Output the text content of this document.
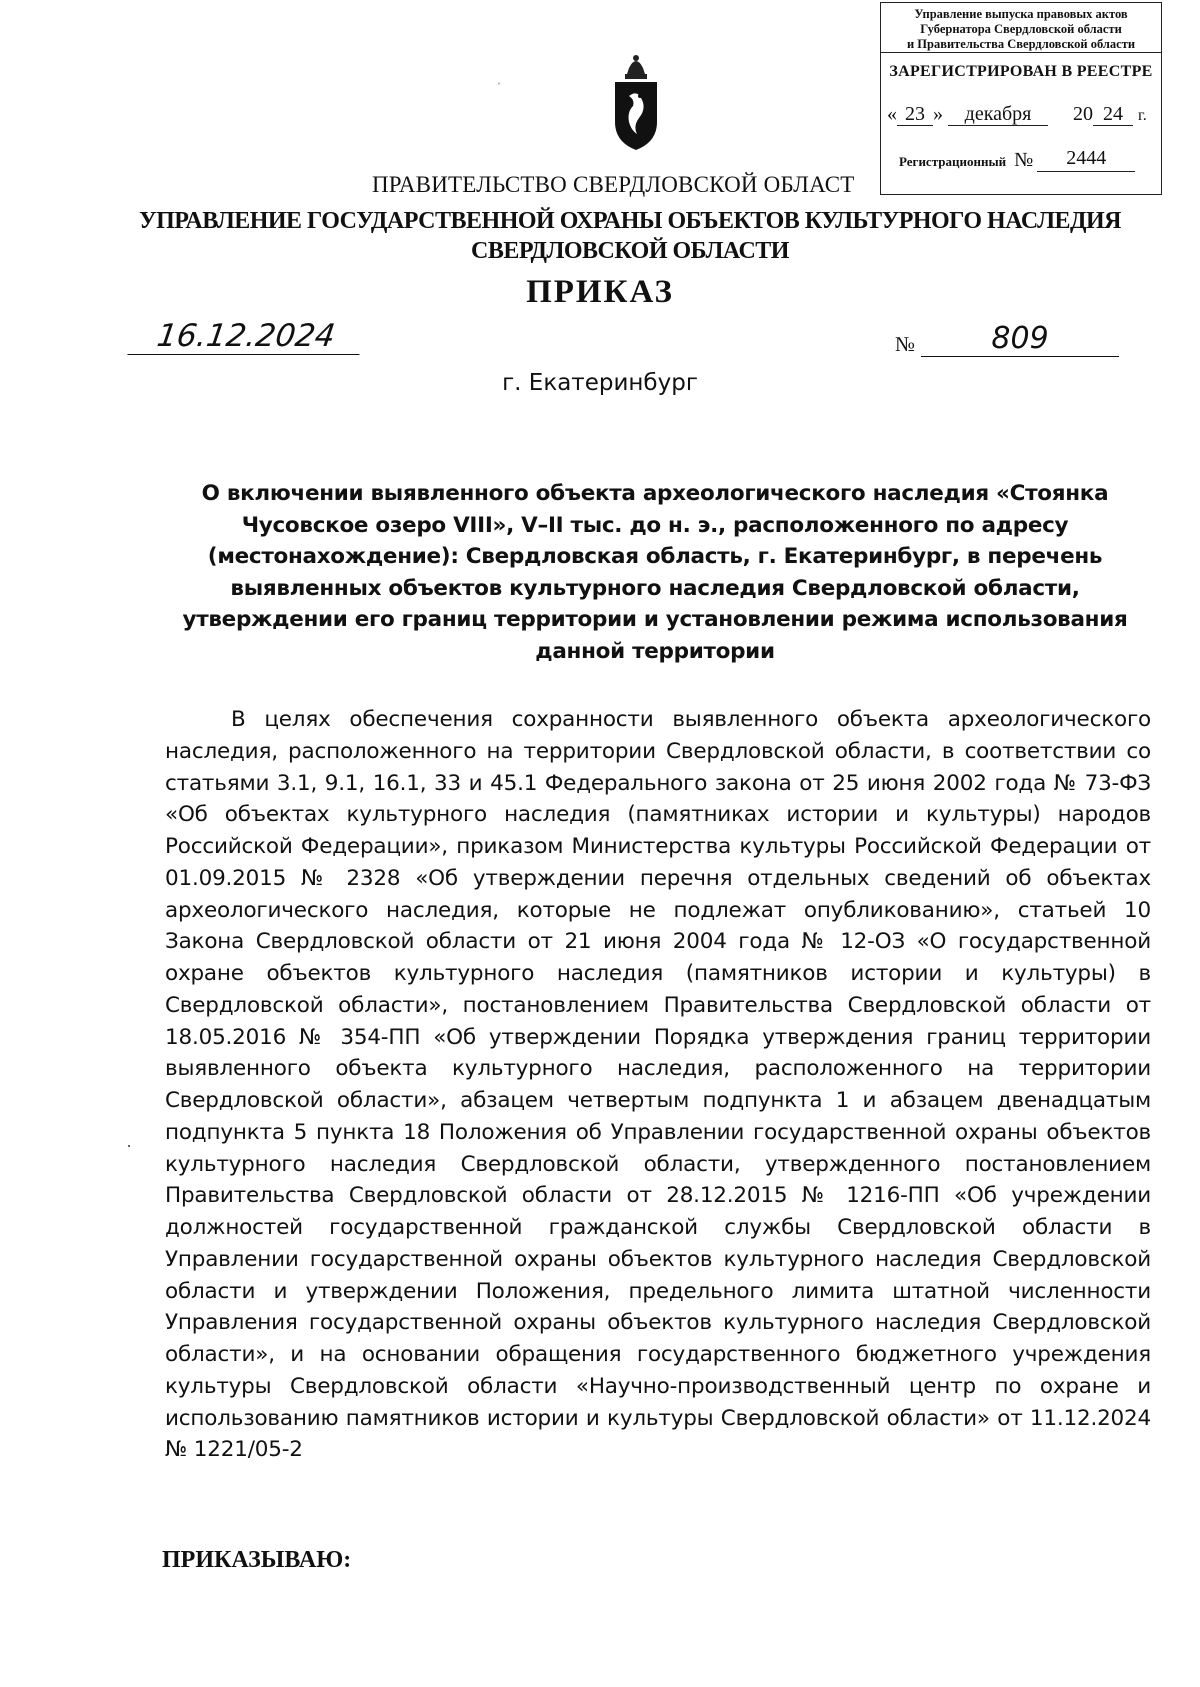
Управление выпуска правовых актов
Губернатора Свердловской области
и Правительства Свердловской области
ЗАРЕГИСТРИРОВАН В РЕЕСТРЕ
« 23 » декабря 20 24 г.
Регистрационный № 2444
ˈ
ПРАВИТЕЛЬСТВО СВЕРДЛОВСКОЙ ОБЛАСТ
УПРАВЛЕНИЕ ГОСУДАРСТВЕННОЙ ОХРАНЫ ОБЪЕКТОВ КУЛЬТУРНОГО НАСЛЕДИЯ СВЕРДЛОВСКОЙ ОБЛАСТИ
ПРИКАЗ
16.12.2024	№	809
г. Екатеринбург
О включении выявленного объекта археологического наследия «Стоянка Чусовское озеро VIII», V–II тыс. до н. э., расположенного по адресу (местонахождение): Свердловская область, г. Екатеринбург, в перечень выявленных объектов культурного наследия Свердловской области, утверждении его границ территории и установлении режима использования данной территории

В целях обеспечения сохранности выявленного объекта археологического наследия, расположенного на территории Свердловской области, в соответствии со статьями 3.1, 9.1, 16.1, 33 и 45.1 Федерального закона от 25 июня 2002 года № 73-ФЗ «Об объектах культурного наследия (памятниках истории и культуры) народов Российской Федерации», приказом Министерства культуры Российской Федерации от 01.09.2015 № 2328 «Об утверждении перечня отдельных сведений об объектах археологического наследия, которые не подлежат опубликованию», статьей 10 Закона Свердловской области от 21 июня 2004 года № 12-ОЗ «О государственной охране объектов культурного наследия (памятников истории и культуры) в Свердловской области», постановлением Правительства Свердловской области от 18.05.2016 № 354-ПП «Об утверждении Порядка утверждения границ территории выявленного объекта культурного наследия, расположенного на территории Свердловской области», абзацем четвертым подпункта 1 и абзацем двенадцатым подпункта 5 пункта 18 Положения об Управлении государственной охраны объектов культурного наследия Свердловской области, утвержденного постановлением Правительства Свердловской области от 28.12.2015 № 1216-ПП «Об учреждении должностей государственной гражданской службы Свердловской области в Управлении государственной охраны объектов культурного наследия Свердловской области и утверждении Положения, предельного лимита штатной численности Управления государственной охраны объектов культурного наследия Свердловской области», и на основании обращения государственного бюджетного учреждения культуры Свердловской области «Научно-производственный центр по охране и использованию памятников истории и культуры Свердловской области» от 11.12.2024 № 1221/05-2

ПРИКАЗЫВАЮ:
